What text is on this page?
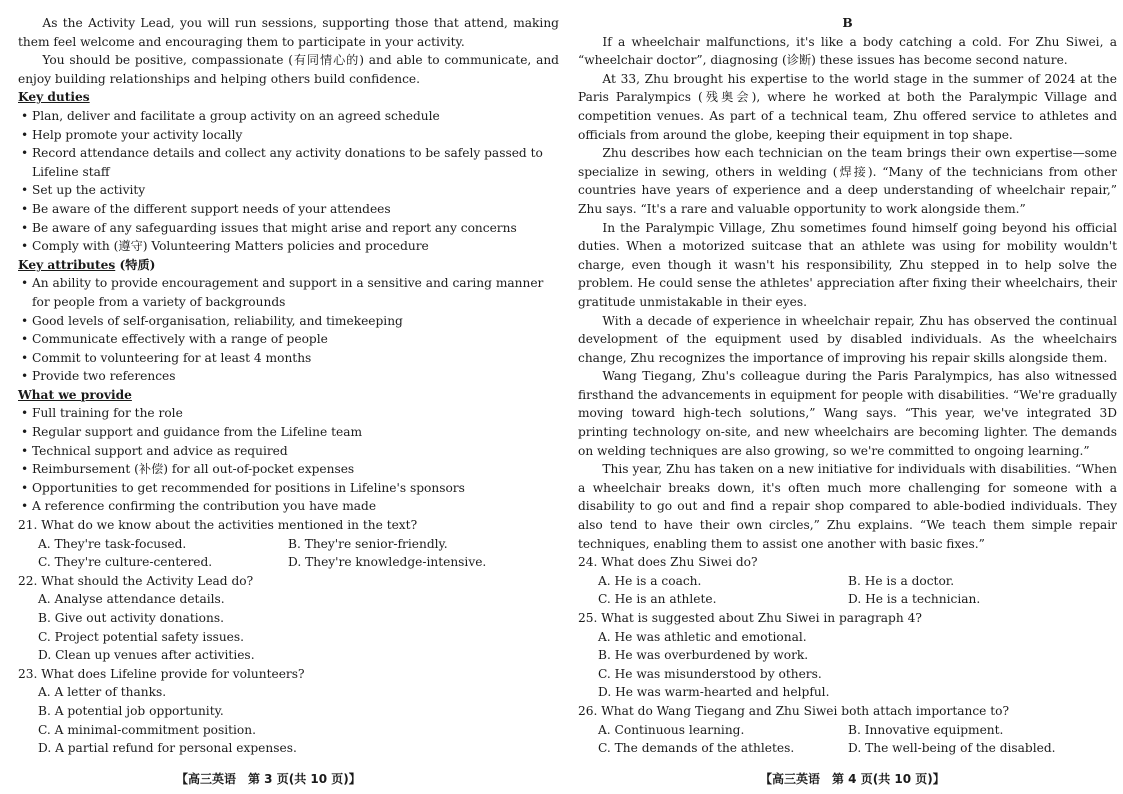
As the Activity Lead, you will run sessions, supporting those that attend, making them feel welcome and encouraging them to participate in your activity.

You should be positive, compassionate (有同情心的) and able to communicate, and enjoy building relationships and helping others build confidence.

Key duties

• Plan, deliver and facilitate a group activity on an agreed schedule

• Help promote your activity locally

• Record attendance details and collect any activity donations to be safely passed to Lifeline staff

• Set up the activity

• Be aware of the different support needs of your attendees

• Be aware of any safeguarding issues that might arise and report any concerns

• Comply with (遵守) Volunteering Matters policies and procedure

Key attributes (特质)

• An ability to provide encouragement and support in a sensitive and caring manner for people from a variety of backgrounds

• Good levels of self-organisation, reliability, and timekeeping

• Communicate effectively with a range of people

• Commit to volunteering for at least 4 months

• Provide two references

What we provide

• Full training for the role

• Regular support and guidance from the Lifeline team

• Technical support and advice as required

• Reimbursement (补偿) for all out-of-pocket expenses

• Opportunities to get recommended for positions in Lifeline's sponsors

• A reference confirming the contribution you have made

21. What do we know about the activities mentioned in the text?

A. They're task-focused.	B. They're senior-friendly.
C. They're culture-centered.	D. They're knowledge-intensive.

22. What should the Activity Lead do?

A. Analyse attendance details.

B. Give out activity donations.

C. Project potential safety issues.

D. Clean up venues after activities.

23. What does Lifeline provide for volunteers?

A. A letter of thanks.

B. A potential job opportunity.

C. A minimal-commitment position.

D. A partial refund for personal expenses.

B

If a wheelchair malfunctions, it's like a body catching a cold. For Zhu Siwei, a “wheelchair doctor”, diagnosing (诊断) these issues has become second nature.

At 33, Zhu brought his expertise to the world stage in the summer of 2024 at the Paris Paralympics (残奥会), where he worked at both the Paralympic Village and competition venues. As part of a technical team, Zhu offered service to athletes and officials from around the globe, keeping their equipment in top shape.

Zhu describes how each technician on the team brings their own expertise—some specialize in sewing, others in welding (焊接). “Many of the technicians from other countries have years of experience and a deep understanding of wheelchair repair,” Zhu says. “It's a rare and valuable opportunity to work alongside them.”

In the Paralympic Village, Zhu sometimes found himself going beyond his official duties. When a motorized suitcase that an athlete was using for mobility wouldn't charge, even though it wasn't his responsibility, Zhu stepped in to help solve the problem. He could sense the athletes' appreciation after fixing their wheelchairs, their gratitude unmistakable in their eyes.

With a decade of experience in wheelchair repair, Zhu has observed the continual development of the equipment used by disabled individuals. As the wheelchairs change, Zhu recognizes the importance of improving his repair skills alongside them.

Wang Tiegang, Zhu's colleague during the Paris Paralympics, has also witnessed firsthand the advancements in equipment for people with disabilities. “We're gradually moving toward high-tech solutions,” Wang says. “This year, we've integrated 3D printing technology on-site, and new wheelchairs are becoming lighter. The demands on welding techniques are also growing, so we're committed to ongoing learning.”

This year, Zhu has taken on a new initiative for individuals with disabilities. “When a wheelchair breaks down, it's often much more challenging for someone with a disability to go out and find a repair shop compared to able-bodied individuals. They also tend to have their own circles,” Zhu explains. “We teach them simple repair techniques, enabling them to assist one another with basic fixes.”

24. What does Zhu Siwei do?

A. He is a coach.	B. He is a doctor.
C. He is an athlete.	D. He is a technician.

25. What is suggested about Zhu Siwei in paragraph 4?

A. He was athletic and emotional.

B. He was overburdened by work.

C. He was misunderstood by others.

D. He was warm-hearted and helpful.

26. What do Wang Tiegang and Zhu Siwei both attach importance to?

A. Continuous learning.	B. Innovative equipment.
C. The demands of the athletes.	D. The well-being of the disabled.
【高三英语　第 3 页(共 10 页)】	【高三英语　第 4 页(共 10 页)】
